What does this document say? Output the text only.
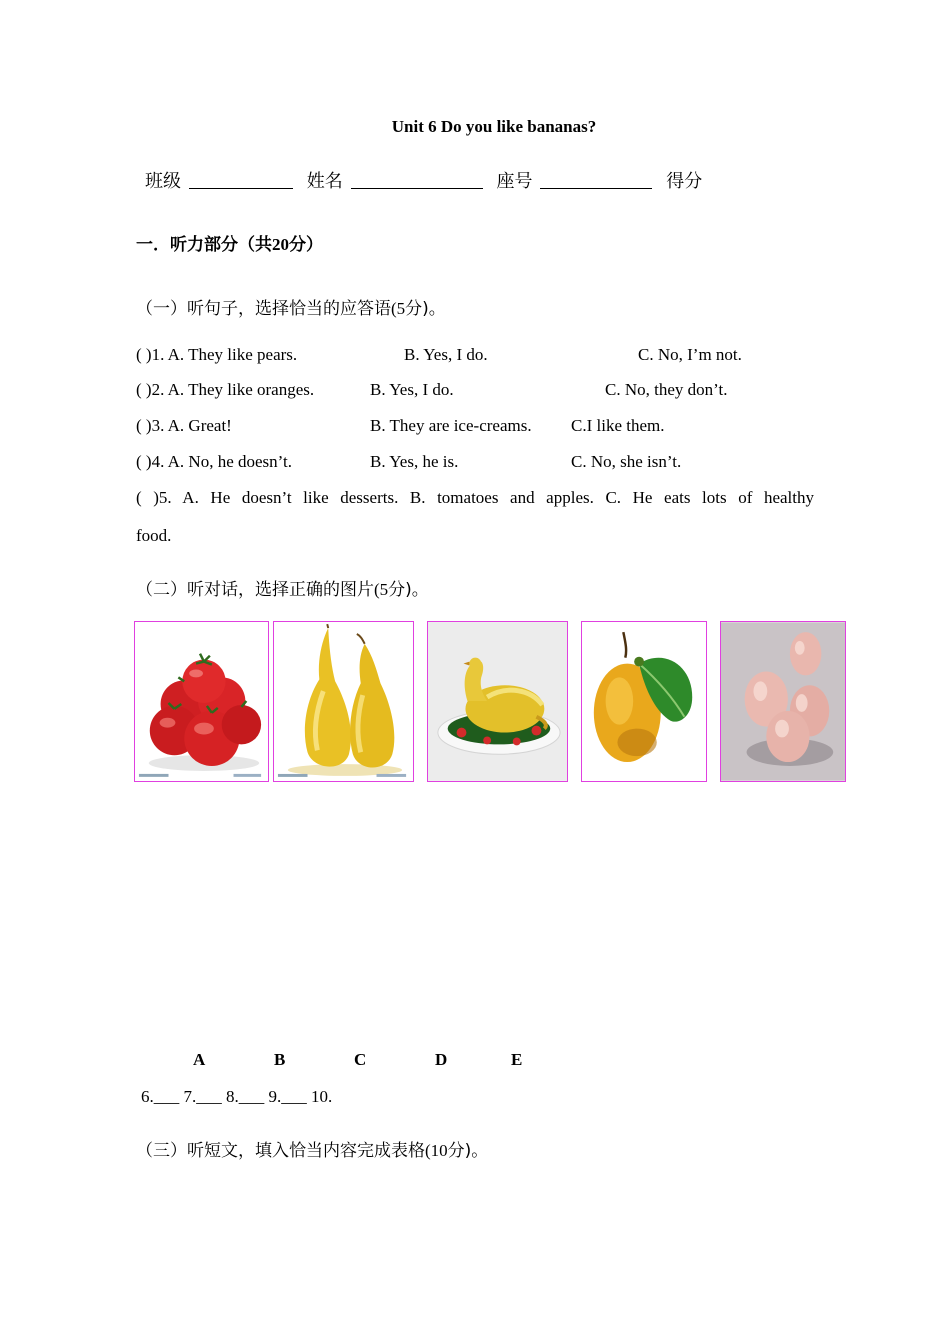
Unit 6 Do you like bananas?
班级	姓名	座号	得分
一．听力部分（共20分）
（一）听句子，选择恰当的应答语(5分)。
( )1. A. They like pears.	B. Yes, I do.	C. No, I’m not.
( )2. A. They like oranges.	B. Yes, I do.	C. No, they don’t.
( )3. A. Great!	B. They are ice-creams. C.I like them.
( )4. A. No, he doesn’t.	B. Yes, he is.	C. No, she isn’t.
( )5. A. He doesn’t like desserts. B. tomatoes and apples. C. He eats lots of healthy
food.
（二）听对话，选择正确的图片(5分)。
A	B	C	D	E
6.___ 7.___ 8.___ 9.___ 10.
（三）听短文，填入恰当内容完成表格(10分)。
